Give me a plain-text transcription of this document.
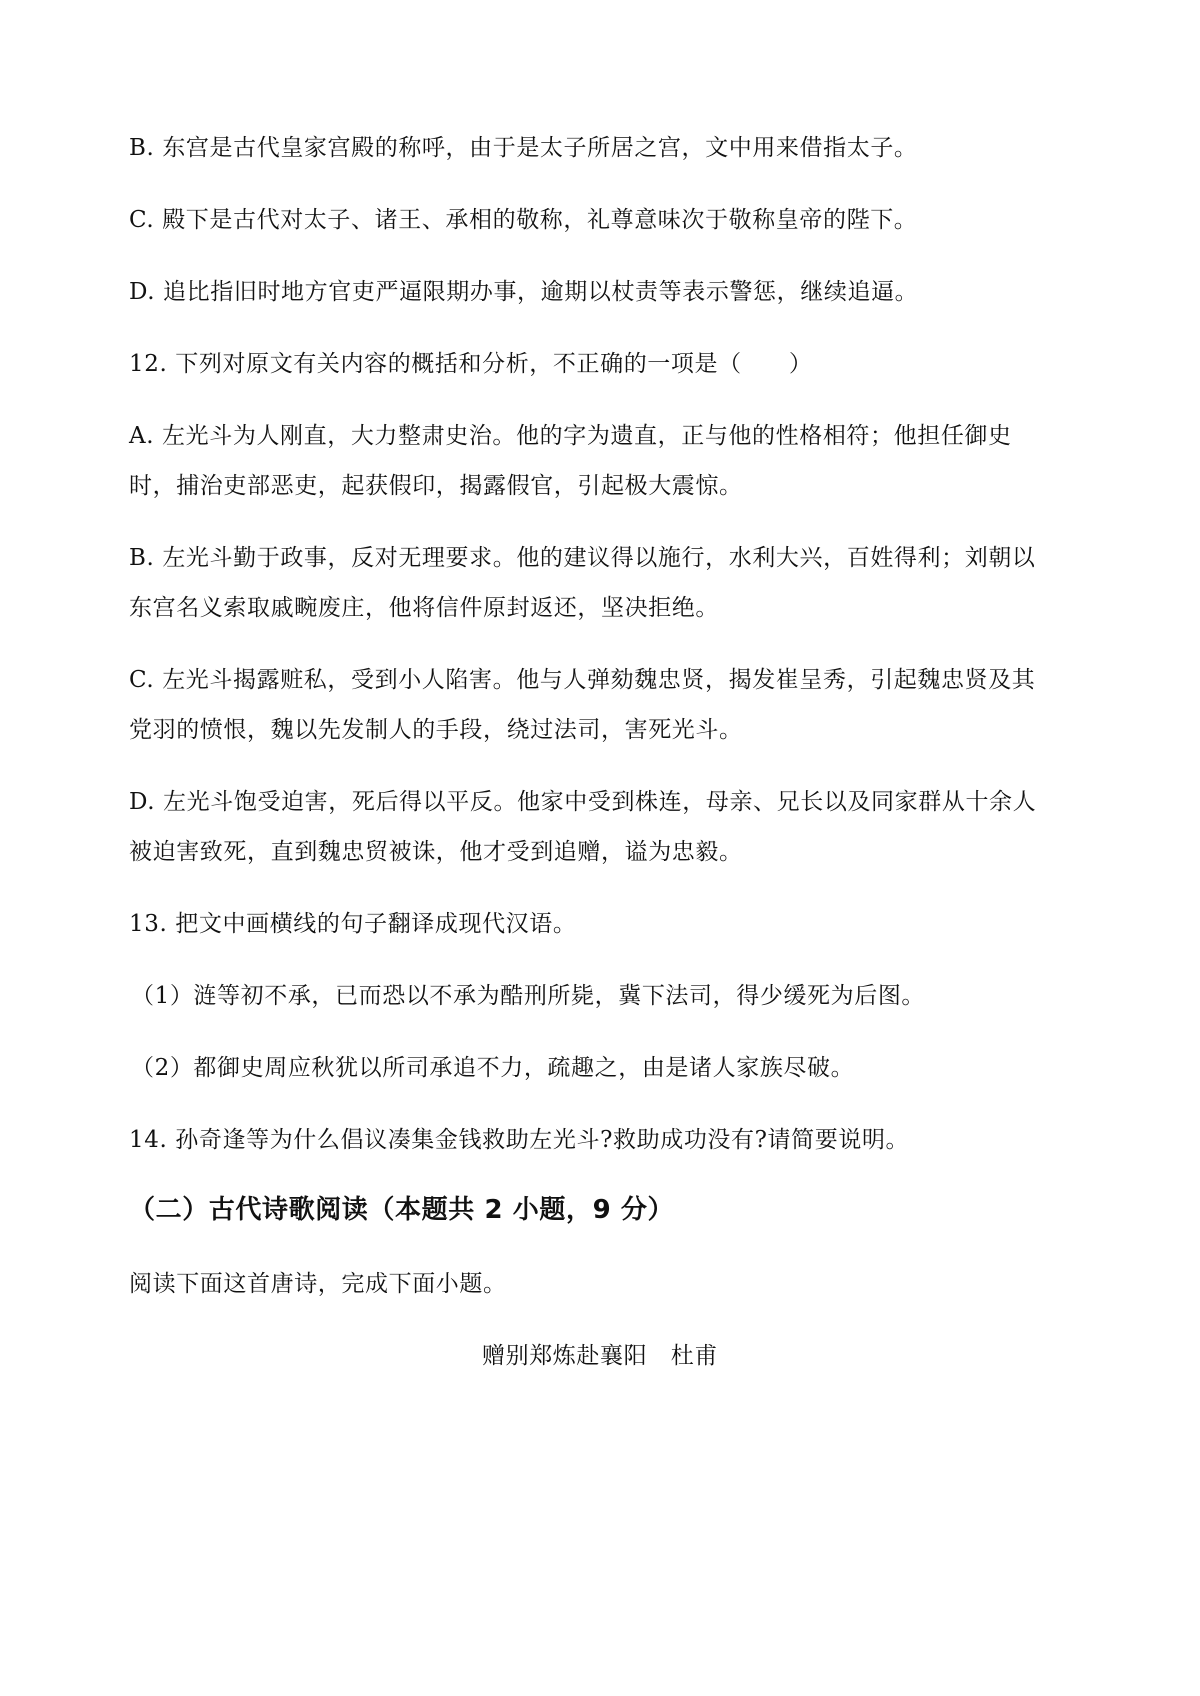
B. 东宫是古代皇家宫殿的称呼，由于是太子所居之宫，文中用来借指太子。
C. 殿下是古代对太子、诸王、承相的敬称，礼尊意味次于敬称皇帝的陛下。
D. 追比指旧时地方官吏严逼限期办事，逾期以杖责等表示警惩，继续追逼。
12. 下列对原文有关内容的概括和分析，不正确的一项是（　　）
A. 左光斗为人刚直，大力整肃史治。他的字为遗直，正与他的性格相符；他担任御史
时，捕治吏部恶吏，起获假印，揭露假官，引起极大震惊。
B. 左光斗勤于政事，反对无理要求。他的建议得以施行，水利大兴，百姓得利；刘朝以
东宫名义索取戚畹废庄，他将信件原封返还，坚决拒绝。
C. 左光斗揭露赃私，受到小人陷害。他与人弹劾魏忠贤，揭发崔呈秀，引起魏忠贤及其
党羽的愤恨，魏以先发制人的手段，绕过法司，害死光斗。
D. 左光斗饱受迫害，死后得以平反。他家中受到株连，母亲、兄长以及同家群从十余人
被迫害致死，直到魏忠贸被诛，他才受到追赠，谥为忠毅。
13. 把文中画横线的句子翻译成现代汉语。
（1）涟等初不承，已而恐以不承为酷刑所毙，冀下法司，得少缓死为后图。
（2）都御史周应秋犹以所司承追不力，疏趣之，由是诸人家族尽破。
14. 孙奇逢等为什么倡议凑集金钱救助左光斗?救助成功没有?请简要说明。
（二）古代诗歌阅读（本题共 2 小题，9 分）
阅读下面这首唐诗，完成下面小题。
赠别郑炼赴襄阳　杜甫
